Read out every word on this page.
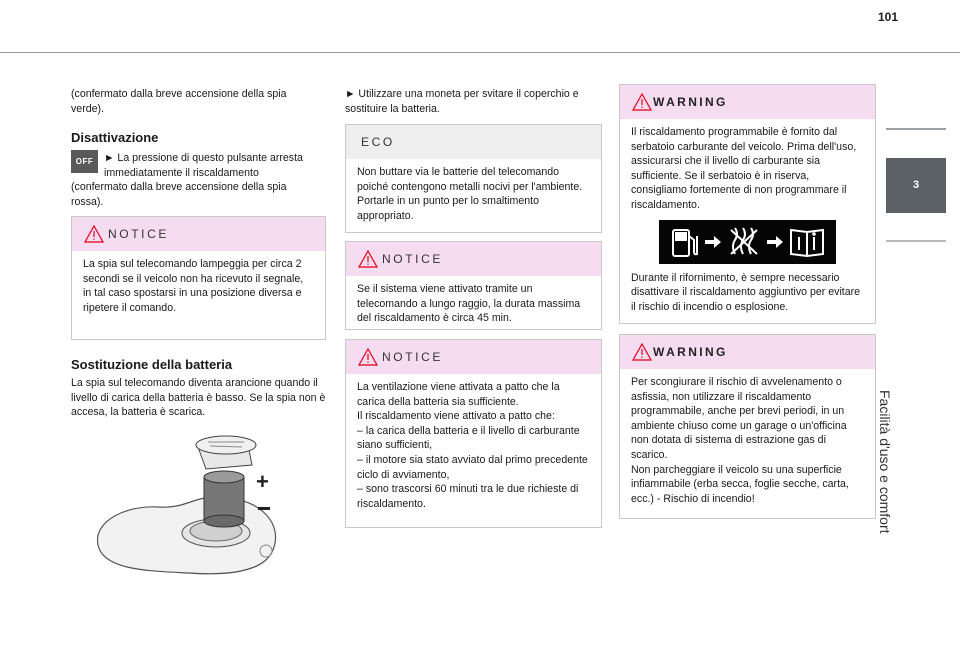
101
3
Facilità d'uso e comfort

(confermato dalla breve accensione della spia verde).

Disattivazione
OFF	► La pressione di questo pulsante arresta immediatamente il riscaldamento

(confermato dalla breve accensione della spia rossa).

NOTICE

La spia sul telecomando lampeggia per circa 2 secondi se il veicolo non ha ricevuto il segnale, in tal caso spostarsi in una posizione diversa e ripetere il comando.

Sostituzione della batteria

La spia sul telecomando diventa arancione quando il livello di carica della batteria è basso. Se la spia non è accesa, la batteria è scarica.

+

► Utilizzare una moneta per svitare il coperchio e sostituire la batteria.

ECO

Non buttare via le batterie del telecomando poiché contengono metalli nocivi per l'ambiente. Portarle in un punto per lo smaltimento appropriato.

NOTICE

Se il sistema viene attivato tramite un telecomando a lungo raggio, la durata massima del riscaldamento è circa 45 min.

NOTICE

La ventilazione viene attivata a patto che la carica della batteria sia sufficiente.

Il riscaldamento viene attivato a patto che:

– la carica della batteria e il livello di carburante siano sufficienti,

– il motore sia stato avviato dal primo precedente ciclo di avviamento,

– sono trascorsi 60 minuti tra le due richieste di riscaldamento.

WARNING

Il riscaldamento programmabile è fornito dal serbatoio carburante del veicolo. Prima dell'uso, assicurarsi che il livello di carburante sia sufficiente. Se il serbatoio è in riserva, consigliamo fortemente di non programmare il riscaldamento.

Durante il rifornimento, è sempre necessario disattivare il riscaldamento aggiuntivo per evitare il rischio di incendio o esplosione.

WARNING

Per scongiurare il rischio di avvelenamento o asfissia, non utilizzare il riscaldamento programmabile, anche per brevi periodi, in un ambiente chiuso come un garage o un'officina non dotata di sistema di estrazione gas di scarico.

Non parcheggiare il veicolo su una superficie infiammabile (erba secca, foglie secche, carta, ecc.) - Rischio di incendio!
